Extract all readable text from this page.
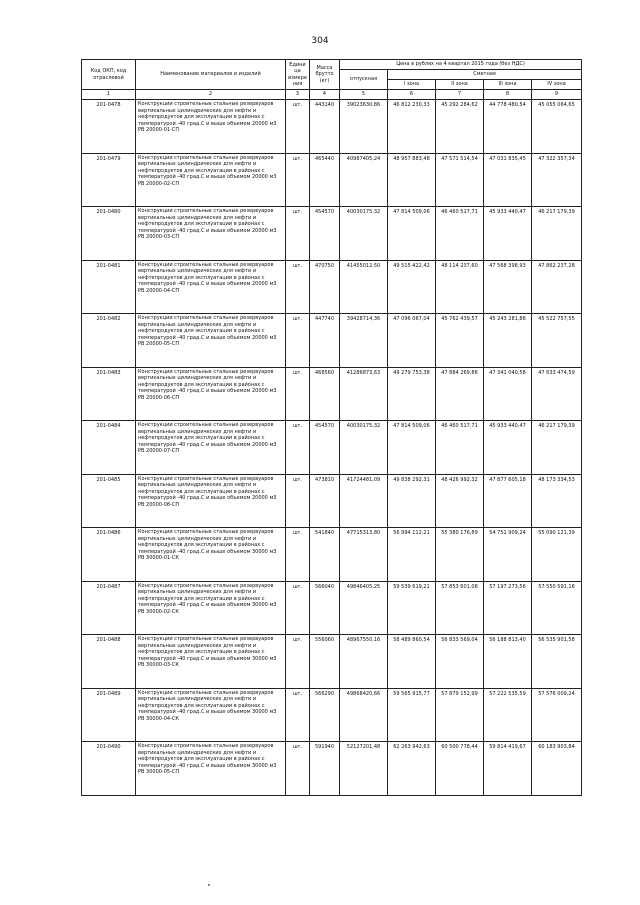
304
Код ОКП, код отраслевой	Наименование материалов и изделий	Едини ца измере ния	Масса брутто (кг)	Цена в рублях на 4 квартал 2015 года (без НДС)				
				отпускная	Сметная			
					I зона	II зона	III зона	IV зона
1	2	3	4	5	6	7	8	9
201-0478	Конструкции строительные стальные резервуаров вертикальных цилиндрических для нефти и нефтепродуктов для эксплуатации в районах с температурой -40 град.С и выше объемом 20000 м3 РВ 20000-01-СП	шт.	443140	39023630,86	46 812 230,33	45 292 284,62	44 778 480,54	45 055 064,65
201-0479	Конструкции строительные стальные резервуаров вертикальных цилиндрических для нефти и нефтепродуктов для эксплуатации в районах с температурой -40 град.С и выше объемом 20000 м3 РВ 20000-02-СП	шт.	465440	40987405,24	48 957 883,48	47 571 514,54	47 031 835,45	47 322 357,34
201-0480	Конструкции строительные стальные резервуаров вертикальных цилиндрических для нефти и нефтепродуктов для эксплуатации в районах с температурой -40 град.С и выше объемом 20000 м3 РВ 20000-03-СП	шт.	454570	40030175,32	47 814 509,06	46 460 517,71	45 933 440,47	46 217 179,39
201-0481	Конструкции строительные стальные резервуаров вертикальных цилиндрических для нефти и нефтепродуктов для эксплуатации в районах с температурой -40 град.С и выше объемом 20000 м3 РВ 20000-04-СП	шт.	470750	41455012,50	49 515 422,42	48 114 237,60	47 568 398,93	47 862 237,28
201-0482	Конструкции строительные стальные резервуаров вертикальных цилиндрических для нефти и нефтепродуктов для эксплуатации в районах с температурой -40 град.С и выше объемом 20000 м3 РВ 20000-05-СП	шт.	447740	39428714,36	47 096 067,04	45 762 439,57	45 243 281,86	45 522 757,55
201-0483	Конструкции строительные стальные резервуаров вертикальных цилиндрических для нефти и нефтепродуктов для эксплуатации в районах с температурой -40 град.С и выше объемом 20000 м3 РВ 20000-06-СП	шт.	468560	41286873,63	49 279 753,38	47 884 269,86	47 341 040,58	47 633 474,59
201-0484	Конструкции строительные стальные резервуаров вертикальных цилиндрических для нефти и нефтепродуктов для эксплуатации в районах с температурой -40 град.С и выше объемом 20000 м3 РВ 20000-07-СП	шт.	454570	40030175,32	47 814 509,06	46 460 517,71	45 933 440,47	46 217 179,39
201-0485	Конструкции строительные стальные резервуаров вертикальных цилиндрических для нефти и нефтепродуктов для эксплуатации в районах с температурой -40 град.С и выше объемом 20000 м3 РВ 20000-08-СП	шт.	473810	41724481,09	49 838 292,31	48 426 992,32	47 877 605,18	48 173 334,53
201-0486	Конструкции строительные стальные резервуаров вертикальных цилиндрических для нефти и нефтепродуктов для эксплуатации в районах с температурой -40 град.С и выше объемом 30000 м3 РВ 30000-01-СК	шт.	541840	47715313,80	56 994 112,21	55 380 176,89	54 751 909,24	55 090 121,39
201-0487	Конструкции строительные стальные резервуаров вертикальных цилиндрических для нефти и нефтепродуктов для эксплуатации в районах с температурой -40 град.С и выше объемом 30000 м3 РВ 30000-02-СК	шт.	566040	49846405,25	59 539 619,21	57 853 601,08	57 197 273,56	57 550 591,16
201-0488	Конструкции строительные стальные резервуаров вертикальных цилиндрических для нефти и нефтепродуктов для эксплуатации в районах с температурой -40 град.С и выше объемом 30000 м3 РВ 30000-03-СК	шт.	556060	48967550,16	58 489 860,54	56 833 569,04	56 188 813,40	56 535 901,58
201-0489	Конструкции строительные стальные резервуаров вертикальных цилиндрических для нефти и нефтепродуктов для эксплуатации в районах с температурой -40 град.С и выше объемом 30000 м3 РВ 30000-04-СК	шт.	566290	49868420,66	59 565 915,77	57 879 152,99	57 222 535,59	57 576 009,24
201-0490	Конструкции строительные стальные резервуаров вертикальных цилиндрических для нефти и нефтепродуктов для эксплуатации в районах с температурой -40 град.С и выше объемом 30000 м3 РВ 30000-05-СП	шт.	591940	52127201,48	62 263 942,63	60 500 778,44	59 814 419,67	60 183 903,84
